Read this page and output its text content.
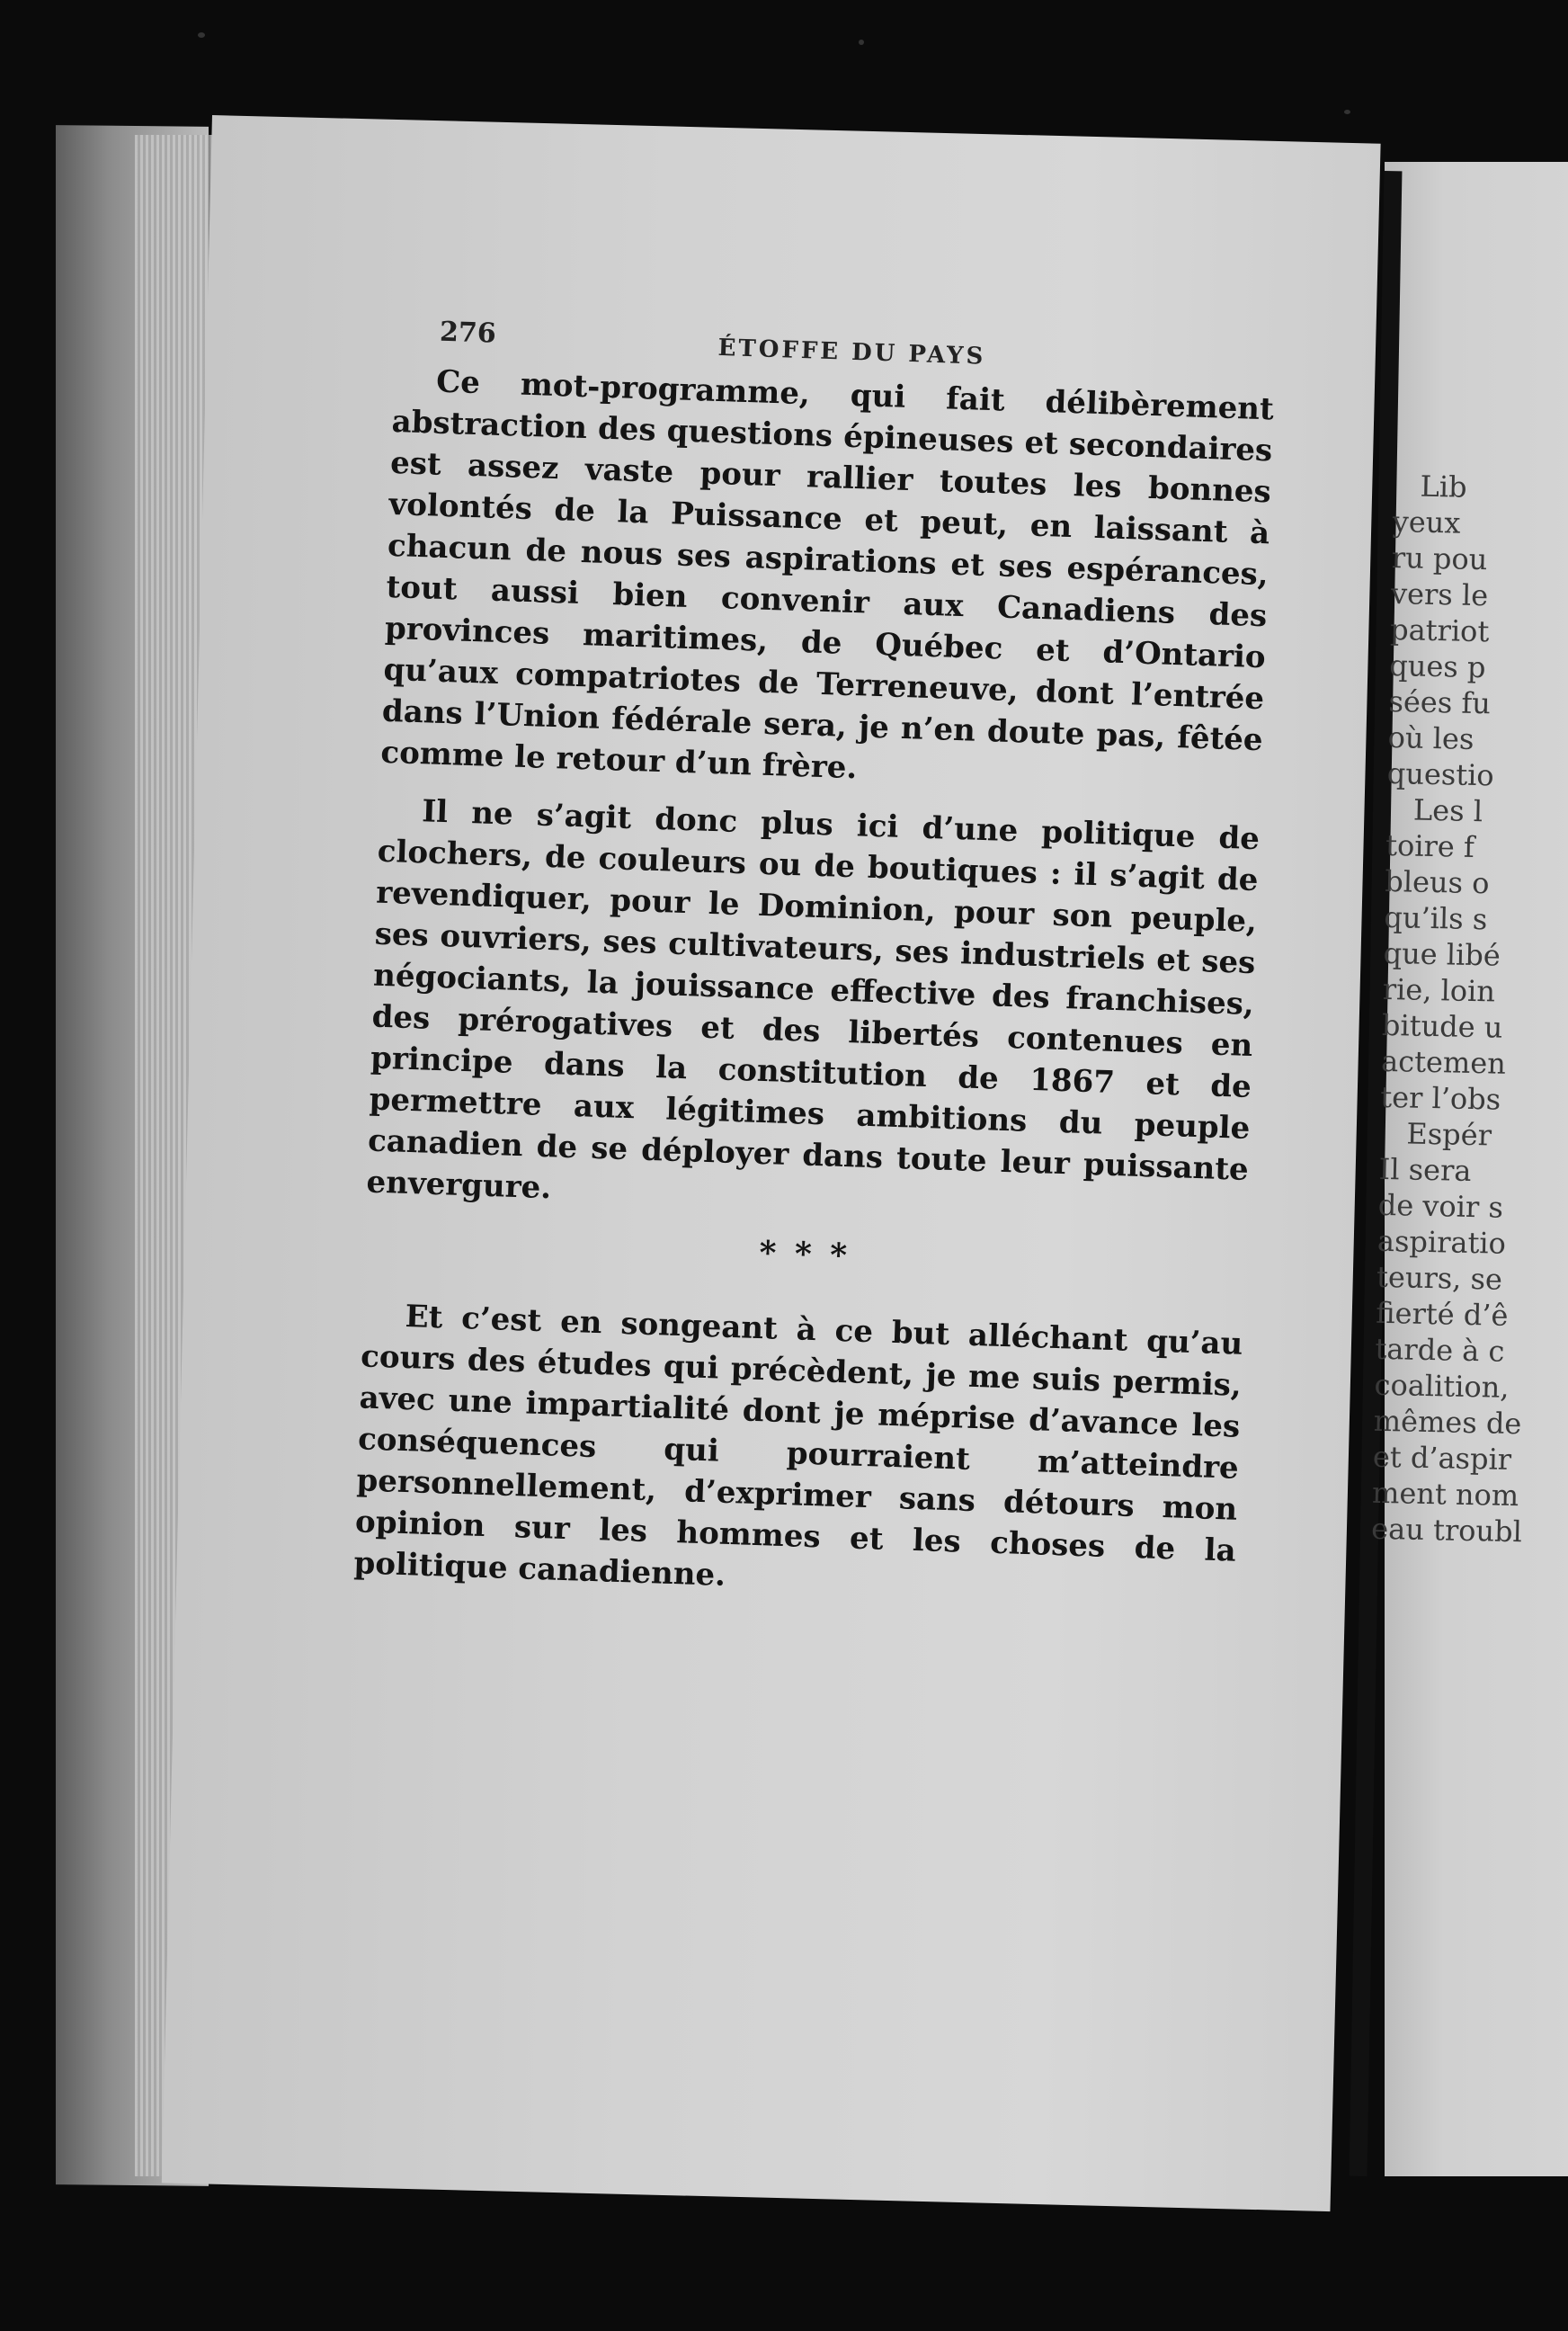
276
ÉTOFFE DU PAYS

Ce mot-programme, qui fait délibèrement abstraction des questions épineuses et secondaires est assez vaste pour rallier toutes les bonnes volontés de la Puissance et peut, en laissant à chacun de nous ses aspirations et ses espérances, tout aussi bien convenir aux Canadiens des provinces maritimes, de Québec et d’Ontario qu’aux compatriotes de Terreneuve, dont l’entrée dans l’Union fédérale sera, je n’en doute pas, fêtée comme le retour d’un frère.

Il ne s’agit donc plus ici d’une politique de clochers, de couleurs ou de boutiques : il s’agit de revendiquer, pour le Dominion, pour son peuple, ses ouvriers, ses cultivateurs, ses industriels et ses négociants, la jouissance effective des franchises, des prérogatives et des libertés contenues en principe dans la constitution de 1867 et de permettre aux légitimes ambitions du peuple canadien de se déployer dans toute leur puissante envergure.

* * *

Et c’est en songeant à ce but alléchant qu’au cours des études qui précèdent, je me suis permis, avec une impartialité dont je méprise d’avance les conséquences qui pourraient m’atteindre personnellement, d’exprimer sans détours mon opinion sur les hommes et les choses de la politique canadienne.

Lib
yeux
ru pou
vers le
patriot
ques p
sées fu
où les
questio
Les l
toire f
bleus o
qu’ils s
que libé
rie, loin
bitude u
actemen
ter l’obs
Espér
Il sera
de voir s
aspiratio
teurs, se
fierté d’ê
tarde à c
coalition,
mêmes de
et d’aspir
ment nom
eau troubl
